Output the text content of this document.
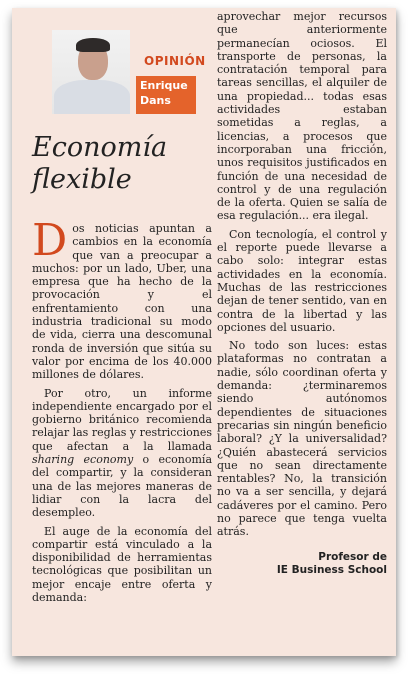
OPINIÓN
Enrique
Dans
Economía
flexible

Dos noticias apuntan a cambios en la economía que van a preocupar a muchos: por un lado, Uber, una empresa que ha hecho de la provocación y el enfrentamiento con una industria tradicional su modo de vida, cierra una descomunal ronda de inversión que sitúa su valor por encima de los 40.000 millones de dólares.

Por otro, un informe independiente encargado por el gobierno británico recomienda relajar las reglas y restricciones que afectan a la llamada sharing economy o economía del compartir, y la consideran una de las mejores maneras de lidiar con la lacra del desempleo.

El auge de la economía del compartir está vinculado a la disponibilidad de herramientas tecnológicas que posibilitan un mejor encaje entre oferta y demanda:

aprovechar mejor recursos que anteriormente permanecían ociosos. El transporte de personas, la contratación temporal para tareas sencillas, el alquiler de una propiedad... todas esas actividades estaban sometidas a reglas, a licencias, a procesos que incorporaban una fricción, unos requisitos justificados en función de una necesidad de control y de una regulación de la oferta. Quien se salía de esa regulación... era ilegal.

Con tecnología, el control y el reporte puede llevarse a cabo solo: integrar estas actividades en la economía. Muchas de las restricciones dejan de tener sentido, van en contra de la libertad y las opciones del usuario.

No todo son luces: estas plataformas no contratan a nadie, sólo coordinan oferta y demanda: ¿terminaremos siendo autónomos dependientes de situaciones precarias sin ningún beneficio laboral? ¿Y la universalidad? ¿Quién abastecerá servicios que no sean directamente rentables? No, la transición no va a ser sencilla, y dejará cadáveres por el camino. Pero no parece que tenga vuelta atrás.

Profesor de
IE Business School
